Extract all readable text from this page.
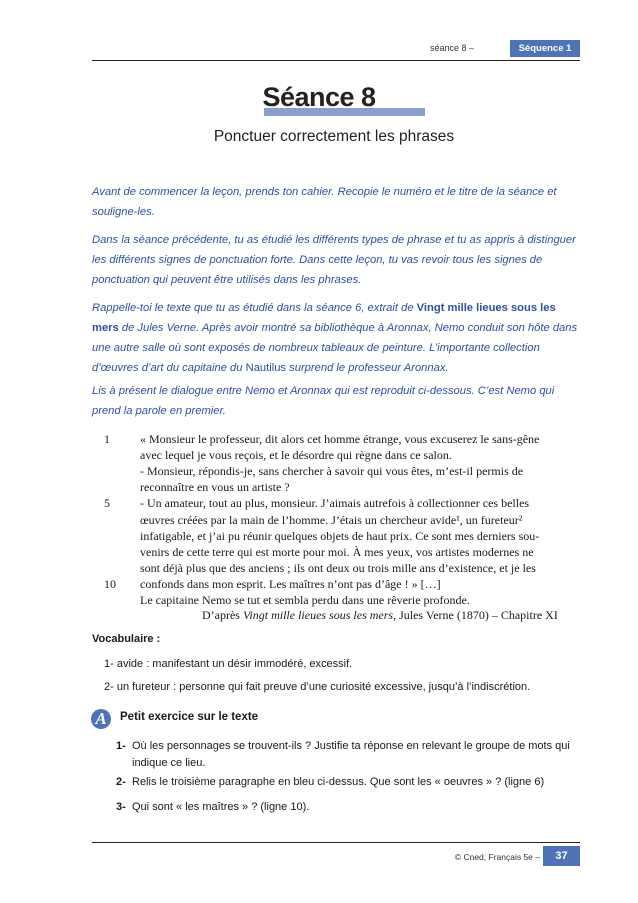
séance 8 –	Séquence 1
Séance 8
Ponctuer correctement les phrases
Avant de commencer la leçon, prends ton cahier. Recopie le numéro et le titre de la séance et souligne-les.
Dans la séance précédente, tu as étudié les différents types de phrase et tu as appris à distinguer les différents signes de ponctuation forte. Dans cette leçon, tu vas revoir tous les signes de ponctuation qui peuvent être utilisés dans les phrases.
Rappelle-toi le texte que tu as étudié dans la séance 6, extrait de Vingt mille lieues sous les mers de Jules Verne. Après avoir montré sa bibliothèque à Aronnax, Nemo conduit son hôte dans une autre salle où sont exposés de nombreux tableaux de peinture. L’importante collection d’œuvres d’art du capitaine du Nautilus surprend le professeur Aronnax.
Lis à présent le dialogue entre Nemo et Aronnax qui est reproduit ci-dessous. C’est Nemo qui prend la parole en premier.
1	« Monsieur le professeur, dit alors cet homme étrange, vous excuserez le sans-gêne
avec lequel je vous reçois, et le désordre qui règne dans ce salon.
- Monsieur, répondis-je, sans chercher à savoir qui vous êtes, m’est-il permis de
reconnaître en vous un artiste ?
5	- Un amateur, tout au plus, monsieur. J’aimais autrefois à collectionner ces belles
œuvres créées par la main de l’homme. J’étais un chercheur avide¹, un fureteur²
infatigable, et j’ai pu réunir quelques objets de haut prix. Ce sont mes derniers sou-
venirs de cette terre qui est morte pour moi. À mes yeux, vos artistes modernes ne
sont déjà plus que des anciens ; ils ont deux ou trois mille ans d’existence, et je les
10	confonds dans mon esprit. Les maîtres n’ont pas d’âge ! » […]
Le capitaine Nemo se tut et sembla perdu dans une rêverie profonde.
D’après Vingt mille lieues sous les mers, Jules Verne (1870) – Chapitre XI
Vocabulaire :
1- avide : manifestant un désir immodéré, excessif.
2- un fureteur : personne qui fait preuve d’une curiosité excessive, jusqu’à l’indiscrétion.
A	Petit exercice sur le texte
1- Où les personnages se trouvent-ils ? Justifie ta réponse en relevant le groupe de mots qui indique ce lieu.
2- Relis le troisième paragraphe en bleu ci-dessus. Que sont les « oeuvres » ? (ligne 6)
3- Qui sont « les maîtres » ? (ligne 10).
© Cned, Français 5e –	37
